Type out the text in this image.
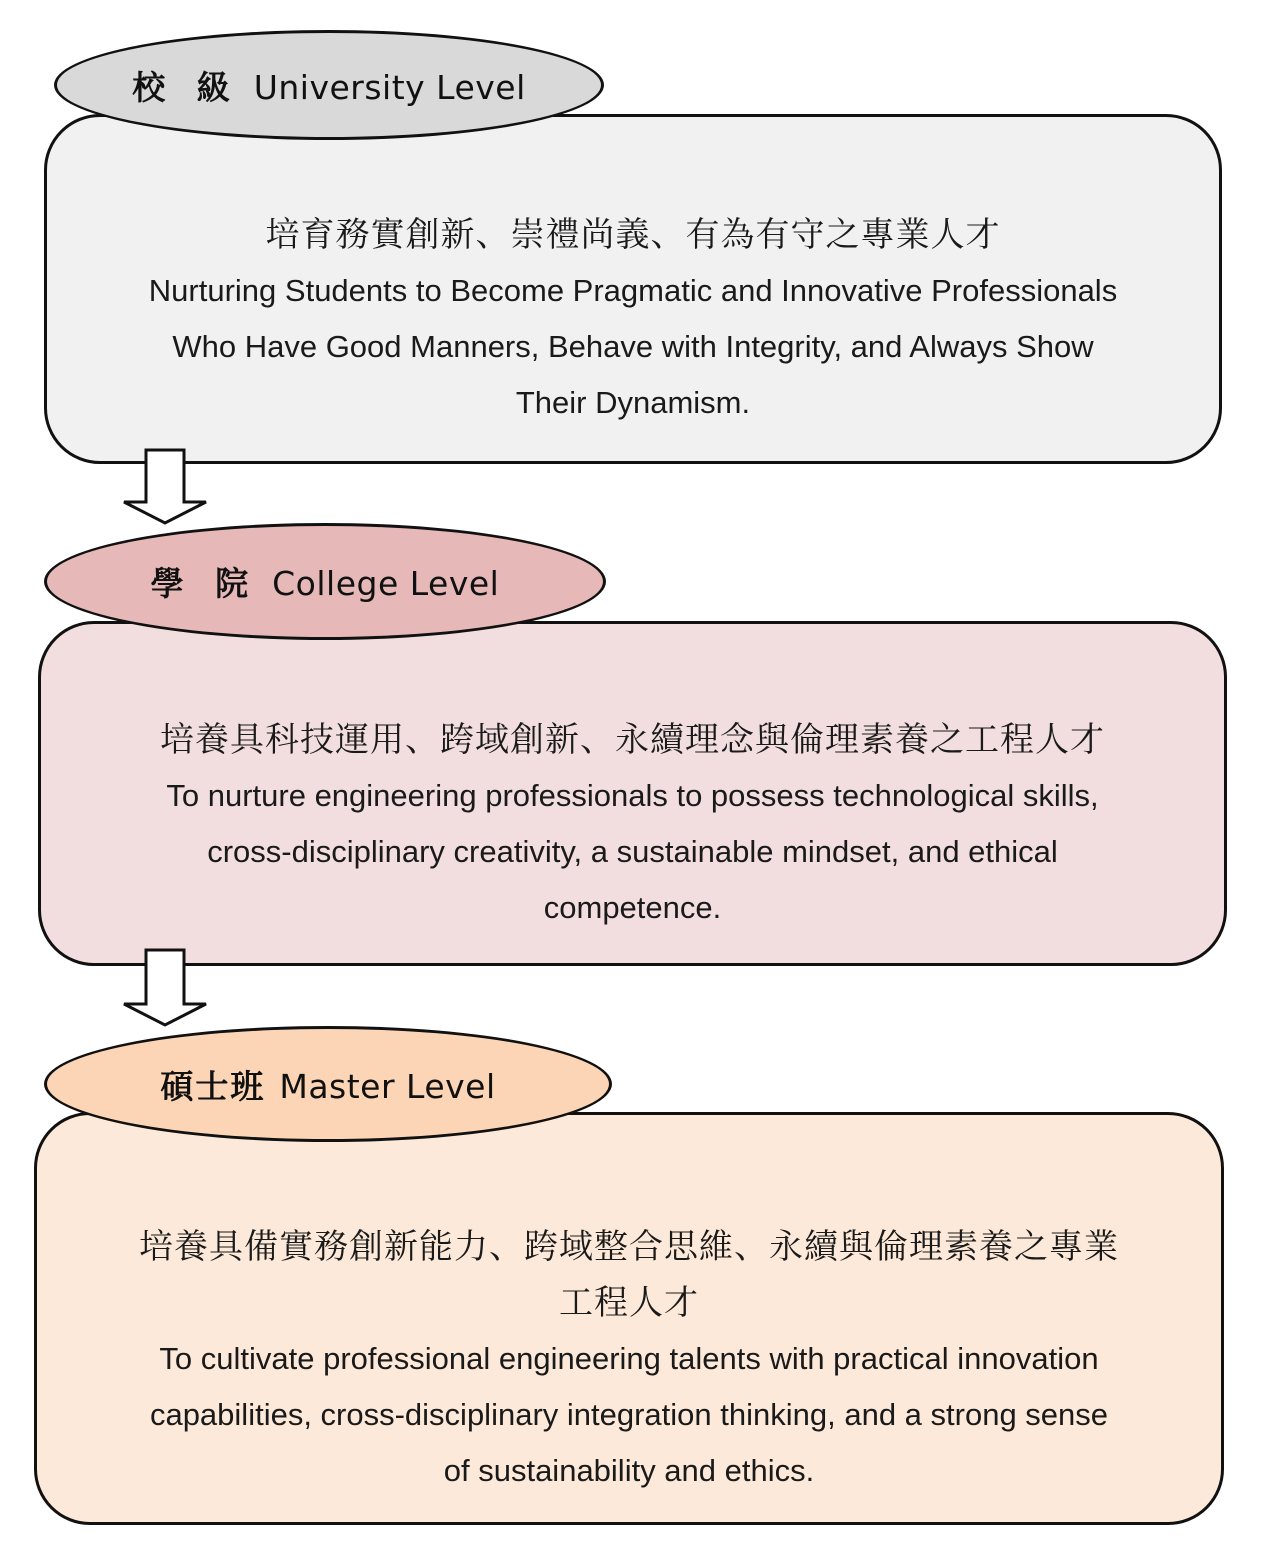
校 級 University Level
培育務實創新、崇禮尚義、有為有守之專業人才
Nurturing Students to Become Pragmatic and Innovative Professionals
Who Have Good Manners, Behave with Integrity, and Always Show
Their Dynamism.
學 院 College Level
培養具科技運用、跨域創新、永續理念與倫理素養之工程人才
To nurture engineering professionals to possess technological skills,
cross-disciplinary creativity, a sustainable mindset, and ethical
competence.
碩士班 Master Level
培養具備實務創新能力、跨域整合思維、永續與倫理素養之專業
工程人才
To cultivate professional engineering talents with practical innovation
capabilities, cross-disciplinary integration thinking, and a strong sense
of sustainability and ethics.
